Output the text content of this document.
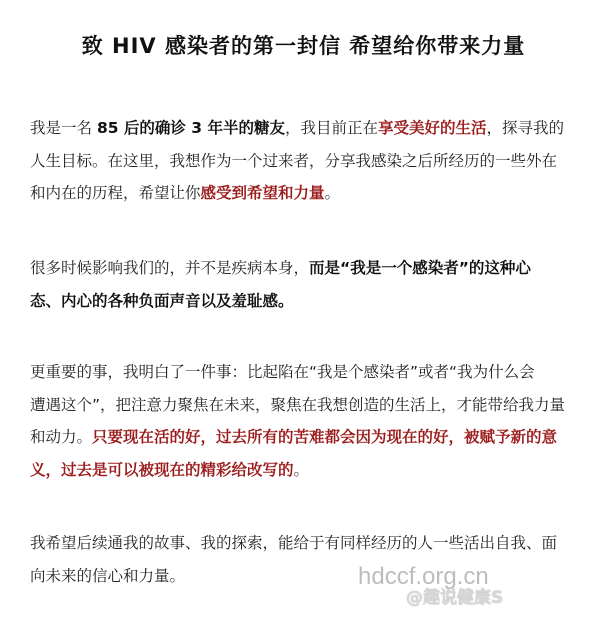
致 HIV 感染者的第一封信 希望给你带来力量
我是一名 85 后的确诊 3 年半的糖友，我目前正在享受美好的生活，探寻我的
人生目标。在这里，我想作为一个过来者，分享我感染之后所经历的一些外在
和内在的历程，希望让你感受到希望和力量。
很多时候影响我们的，并不是疾病本身，而是“我是一个感染者”的这种心
态、内心的各种负面声音以及羞耻感。
更重要的事，我明白了一件事：比起陷在“我是个感染者”或者“我为什么会
遭遇这个”，把注意力聚焦在未来，聚焦在我想创造的生活上，才能带给我力量
和动力。只要现在活的好，过去所有的苦难都会因为现在的好，被赋予新的意
义，过去是可以被现在的精彩给改写的。
我希望后续通我的故事、我的探索，能给于有同样经历的人一些活出自我、面
向未来的信心和力量。	hdccf.org.cn
@趣说健康S
